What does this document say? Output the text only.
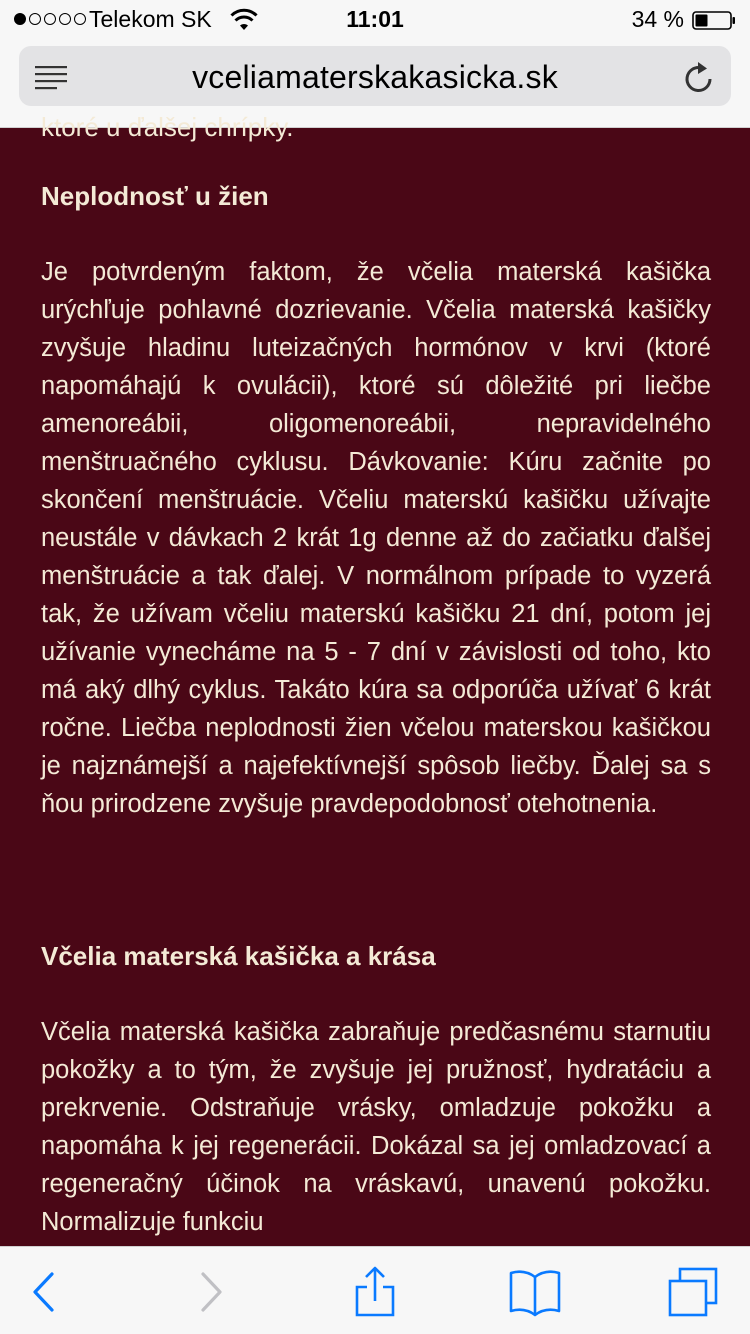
Telekom SK	11:01	34 %
vceliamaterskakasicka.sk

ktoré u ďalšej chrípky.

Neplodnosť u žien

Je potvrdeným faktom, že včelia materská kašička urýchľuje pohlavné dozrievanie. Včelia materská kašičky zvyšuje hladinu luteizačných hormónov v krvi (ktoré napomáhajú k ovulácii), ktoré sú dôležité pri liečbe amenoreábii, oligomenoreábii, nepravidelného menštruačného cyklusu. Dávkovanie: Kúru začnite po skončení menštruácie. Včeliu materskú kašičku užívajte neustále v dávkach 2 krát 1g denne až do začiatku ďalšej menštruácie a tak ďalej. V normálnom prípade to vyzerá tak, že užívam včeliu materskú kašičku 21 dní, potom jej užívanie vynecháme na 5 - 7 dní v závislosti od toho, kto má aký dlhý cyklus. Takáto kúra sa odporúča užívať 6 krát ročne. Liečba neplodnosti žien včelou materskou kašičkou je najznámejší a najefektívnejší spôsob liečby. Ďalej sa s ňou prirodzene zvyšuje pravdepodobnosť otehotnenia.

Včelia materská kašička a krása

Včelia materská kašička zabraňuje predčasnému starnutiu pokožky a to tým, že zvyšuje jej pružnosť, hydratáciu a prekrvenie. Odstraňuje vrásky, omladzuje pokožku a napomáha k jej regenerácii. Dokázal sa jej omladzovací a regeneračný účinok na vráskavú, unavenú pokožku. Normalizuje funkciu
